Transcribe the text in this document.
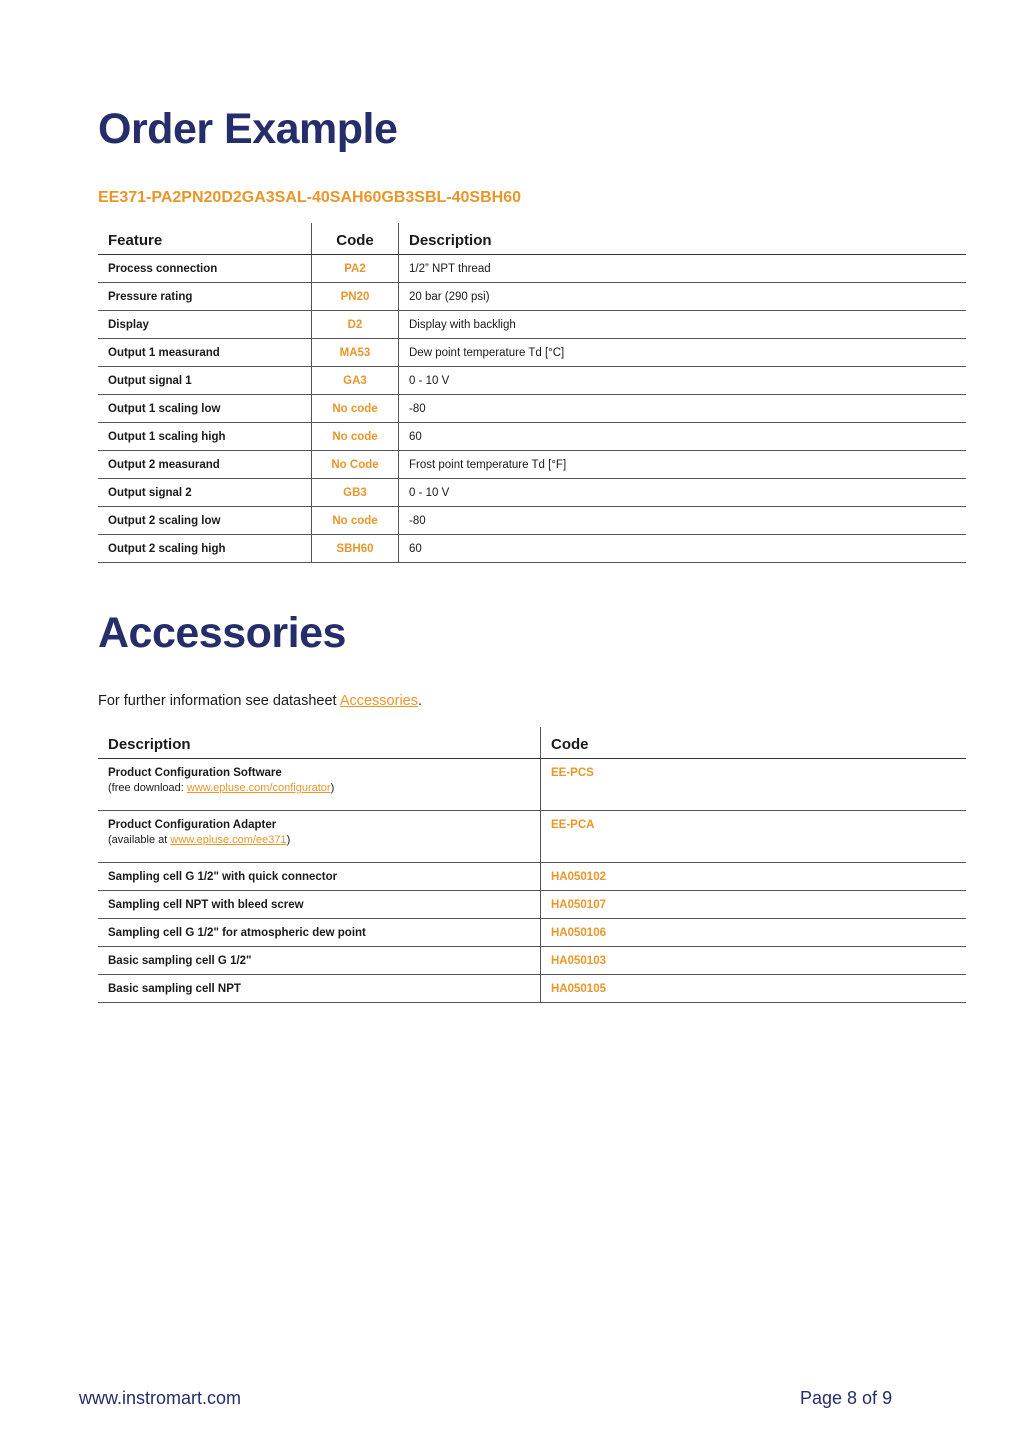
Order Example
EE371-PA2PN20D2GA3SAL-40SAH60GB3SBL-40SBH60
Feature	Code	Description
Process connection	PA2	1/2” NPT thread
Pressure rating	PN20	20 bar (290 psi)
Display	D2	Display with backligh
Output 1 measurand	MA53	Dew point temperature Td [°C]
Output signal 1	GA3	0 - 10 V
Output 1 scaling low	No code	-80
Output 1 scaling high	No code	60
Output 2 measurand	No Code	Frost point temperature Td [°F]
Output signal 2	GB3	0 - 10 V
Output 2 scaling low	No code	-80
Output 2 scaling high	SBH60	60
Accessories
For further information see datasheet Accessories.
Description	Code
Product Configuration Software
(free download: www.epluse.com/configurator)	EE-PCS
Product Configuration Adapter
(available at www.epluse.com/ee371)	EE-PCA
Sampling cell G 1/2" with quick connector	HA050102
Sampling cell NPT with bleed screw	HA050107
Sampling cell G 1/2" for atmospheric dew point	HA050106
Basic sampling cell G 1/2"	HA050103
Basic sampling cell NPT	HA050105
www.instromart.com	Page 8 of 9
